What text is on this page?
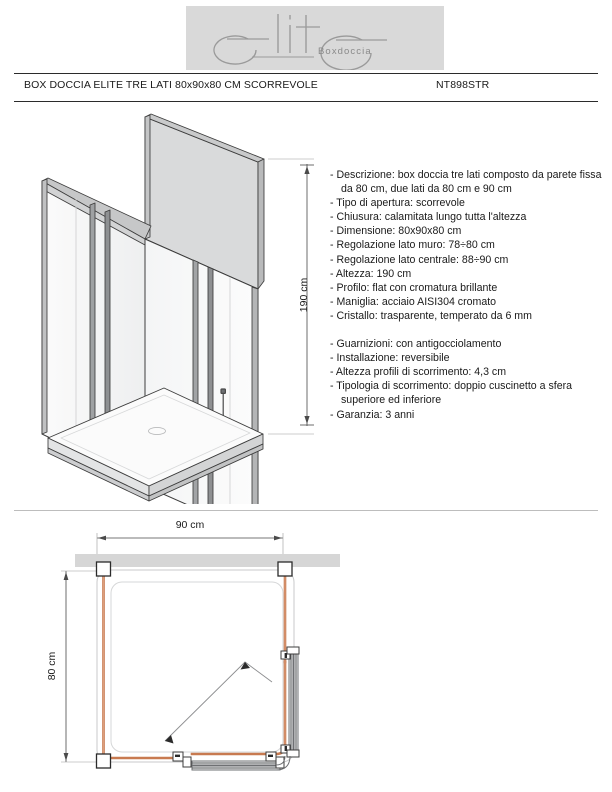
Boxdoccia
BOX DOCCIA ELITE TRE LATI 80x90x80 CM SCORREVOLE	NT898STR
- Descrizione: box doccia tre lati composto da parete fissa da 80 cm, due lati da 80 cm e 90 cm
- Tipo di apertura: scorrevole
- Chiusura: calamitata lungo tutta l'altezza
- Dimensione: 80x90x80 cm
- Regolazione lato muro: 78÷80 cm
- Regolazione lato centrale: 88÷90 cm
- Altezza: 190 cm
- Profilo: flat con cromatura brillante
- Maniglia: acciaio AISI304 cromato
- Cristallo: trasparente, temperato da 6 mm
- Guarnizioni: con antigocciolamento
- Installazione: reversibile
- Altezza profili di scorrimento: 4,3 cm
- Tipologia di scorrimento: doppio cuscinetto a sfera superiore ed inferiore
- Garanzia: 3 anni
190 cm
90 cm
80 cm
